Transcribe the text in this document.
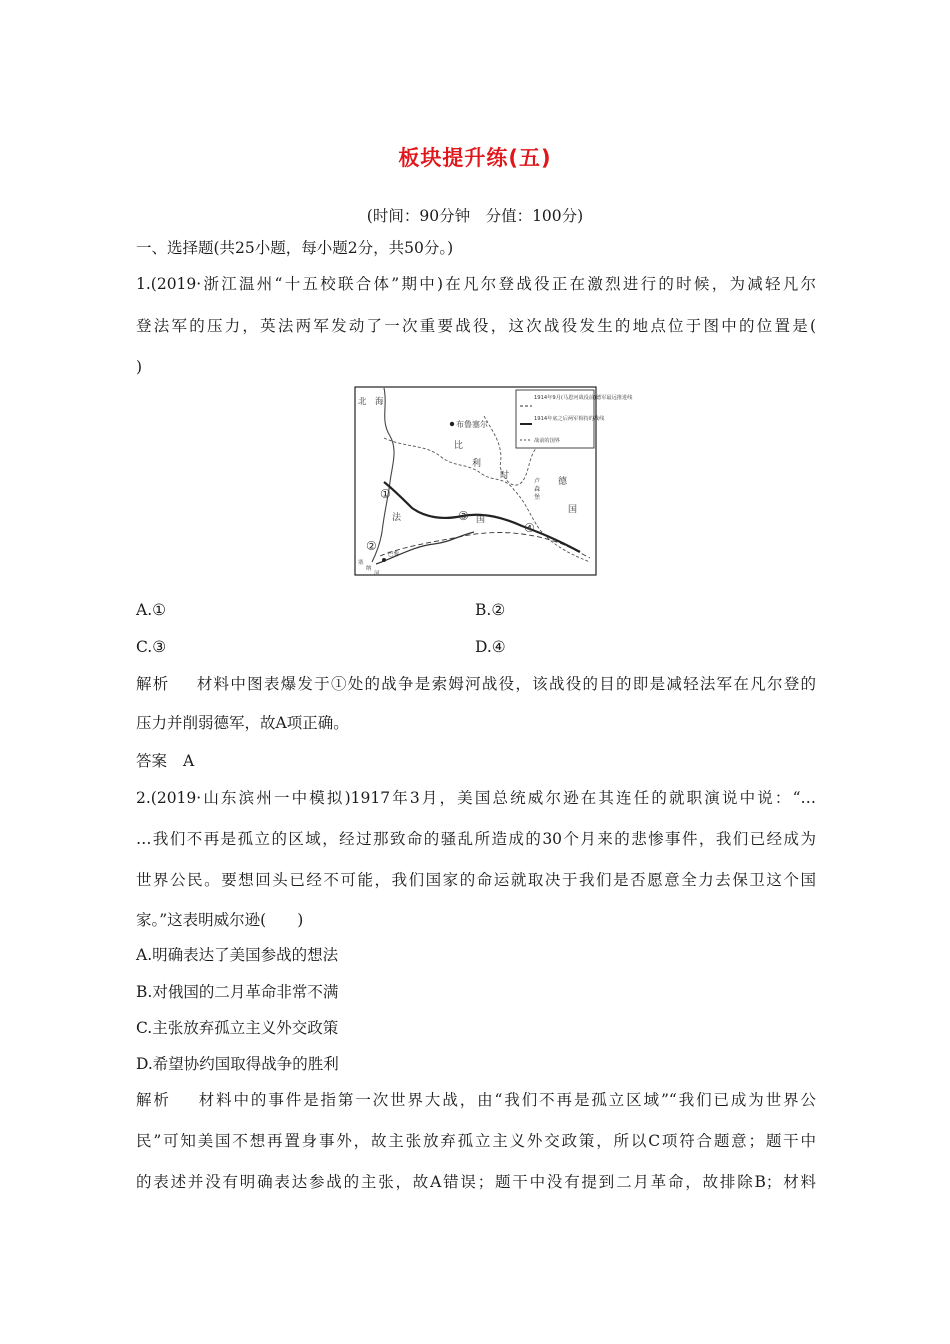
板块提升练(五)
(时间：90分钟　分值：100分)
一、选择题(共25小题，每小题2分，共50分。)
1.(2019·浙江温州“十五校联合体”期中)在凡尔登战役正在激烈进行的时候，为减轻凡尔
登法军的压力，英法两军发动了一次重要战役，这次战役发生的地点位于图中的位置是(
)
1914年9月(马恩河战役前)德军最远推进线
1914年底之后两军相持的战线
战前的国界
北　海
布鲁塞尔
比
利
时
德
国
卢
森
堡
法	国
巴黎
塞
纳
河
①
②
③
④
A.①	B.②
C.③	D.④
解析 材料中图表爆发于①处的战争是索姆河战役，该战役的目的即是减轻法军在凡尔登的
压力并削弱德军，故A项正确。
答案 A
2.(2019·山东滨州一中模拟)1917年3月，美国总统威尔逊在其连任的就职演说中说：“…
…我们不再是孤立的区域，经过那致命的骚乱所造成的30个月来的悲惨事件，我们已经成为
世界公民。要想回头已经不可能，我们国家的命运就取决于我们是否愿意全力去保卫这个国
家。”这表明威尔逊(　　)
A.明确表达了美国参战的想法
B.对俄国的二月革命非常不满
C.主张放弃孤立主义外交政策
D.希望协约国取得战争的胜利
解析 材料中的事件是指第一次世界大战，由“我们不再是孤立区域”“我们已成为世界公
民”可知美国不想再置身事外，故主张放弃孤立主义外交政策，所以C项符合题意；题干中
的表述并没有明确表达参战的主张，故A错误；题干中没有提到二月革命，故排除B；材料
